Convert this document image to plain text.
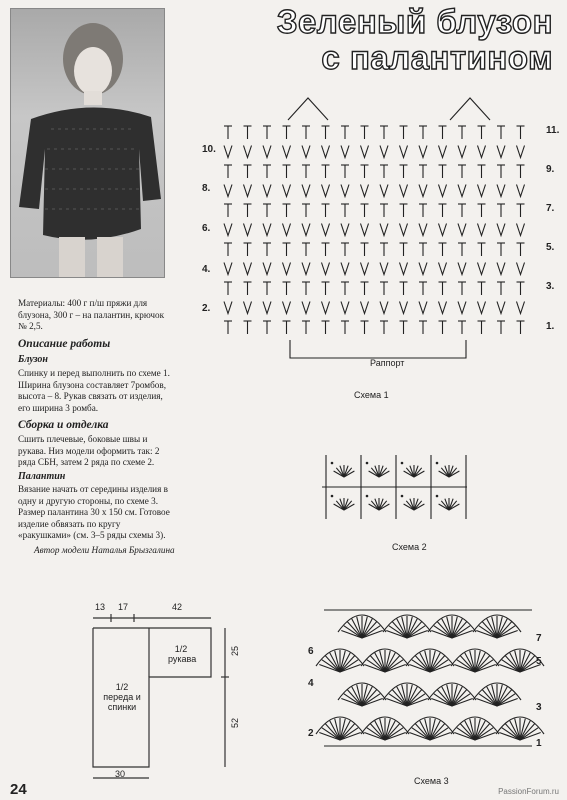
Зеленый блузон
с палантином
Материалы: 400 г п/ш пряжи для блузона, 300 г – на палантин, крючок № 2,5.
Описание работы
Блузон
Спинку и перед выполнить по схеме 1. Ширина блузона составляет 7ромбов, высота – 8. Рукав связать от изделия, его ширина 3 ромба.
Сборка и отделка
Сшить плечевые, боковые швы и рукава. Низ модели оформить так: 2 ряда СБН, затем 2 ряда по схеме 2.
Палантин
Вязание начать от середины изделия в одну и другую стороны, по схеме 3. Размер палантина 30 х 150 см. Готовое изделие обвязать по кругу «ракушками» (см. 3–5 ряды схемы 3).
Автор модели Наталья Брызгалина
10.
8.
6.
4.
2.
11.
9.
7.
5.
3.
1.
Раппорт
Схема 1
Схема 2
13 17	42
30
25
52
1/2
рукава
1/2
переда и
спинки
6
4
2
7
5
3
1
Схема 3
24	PassionForum.ru
